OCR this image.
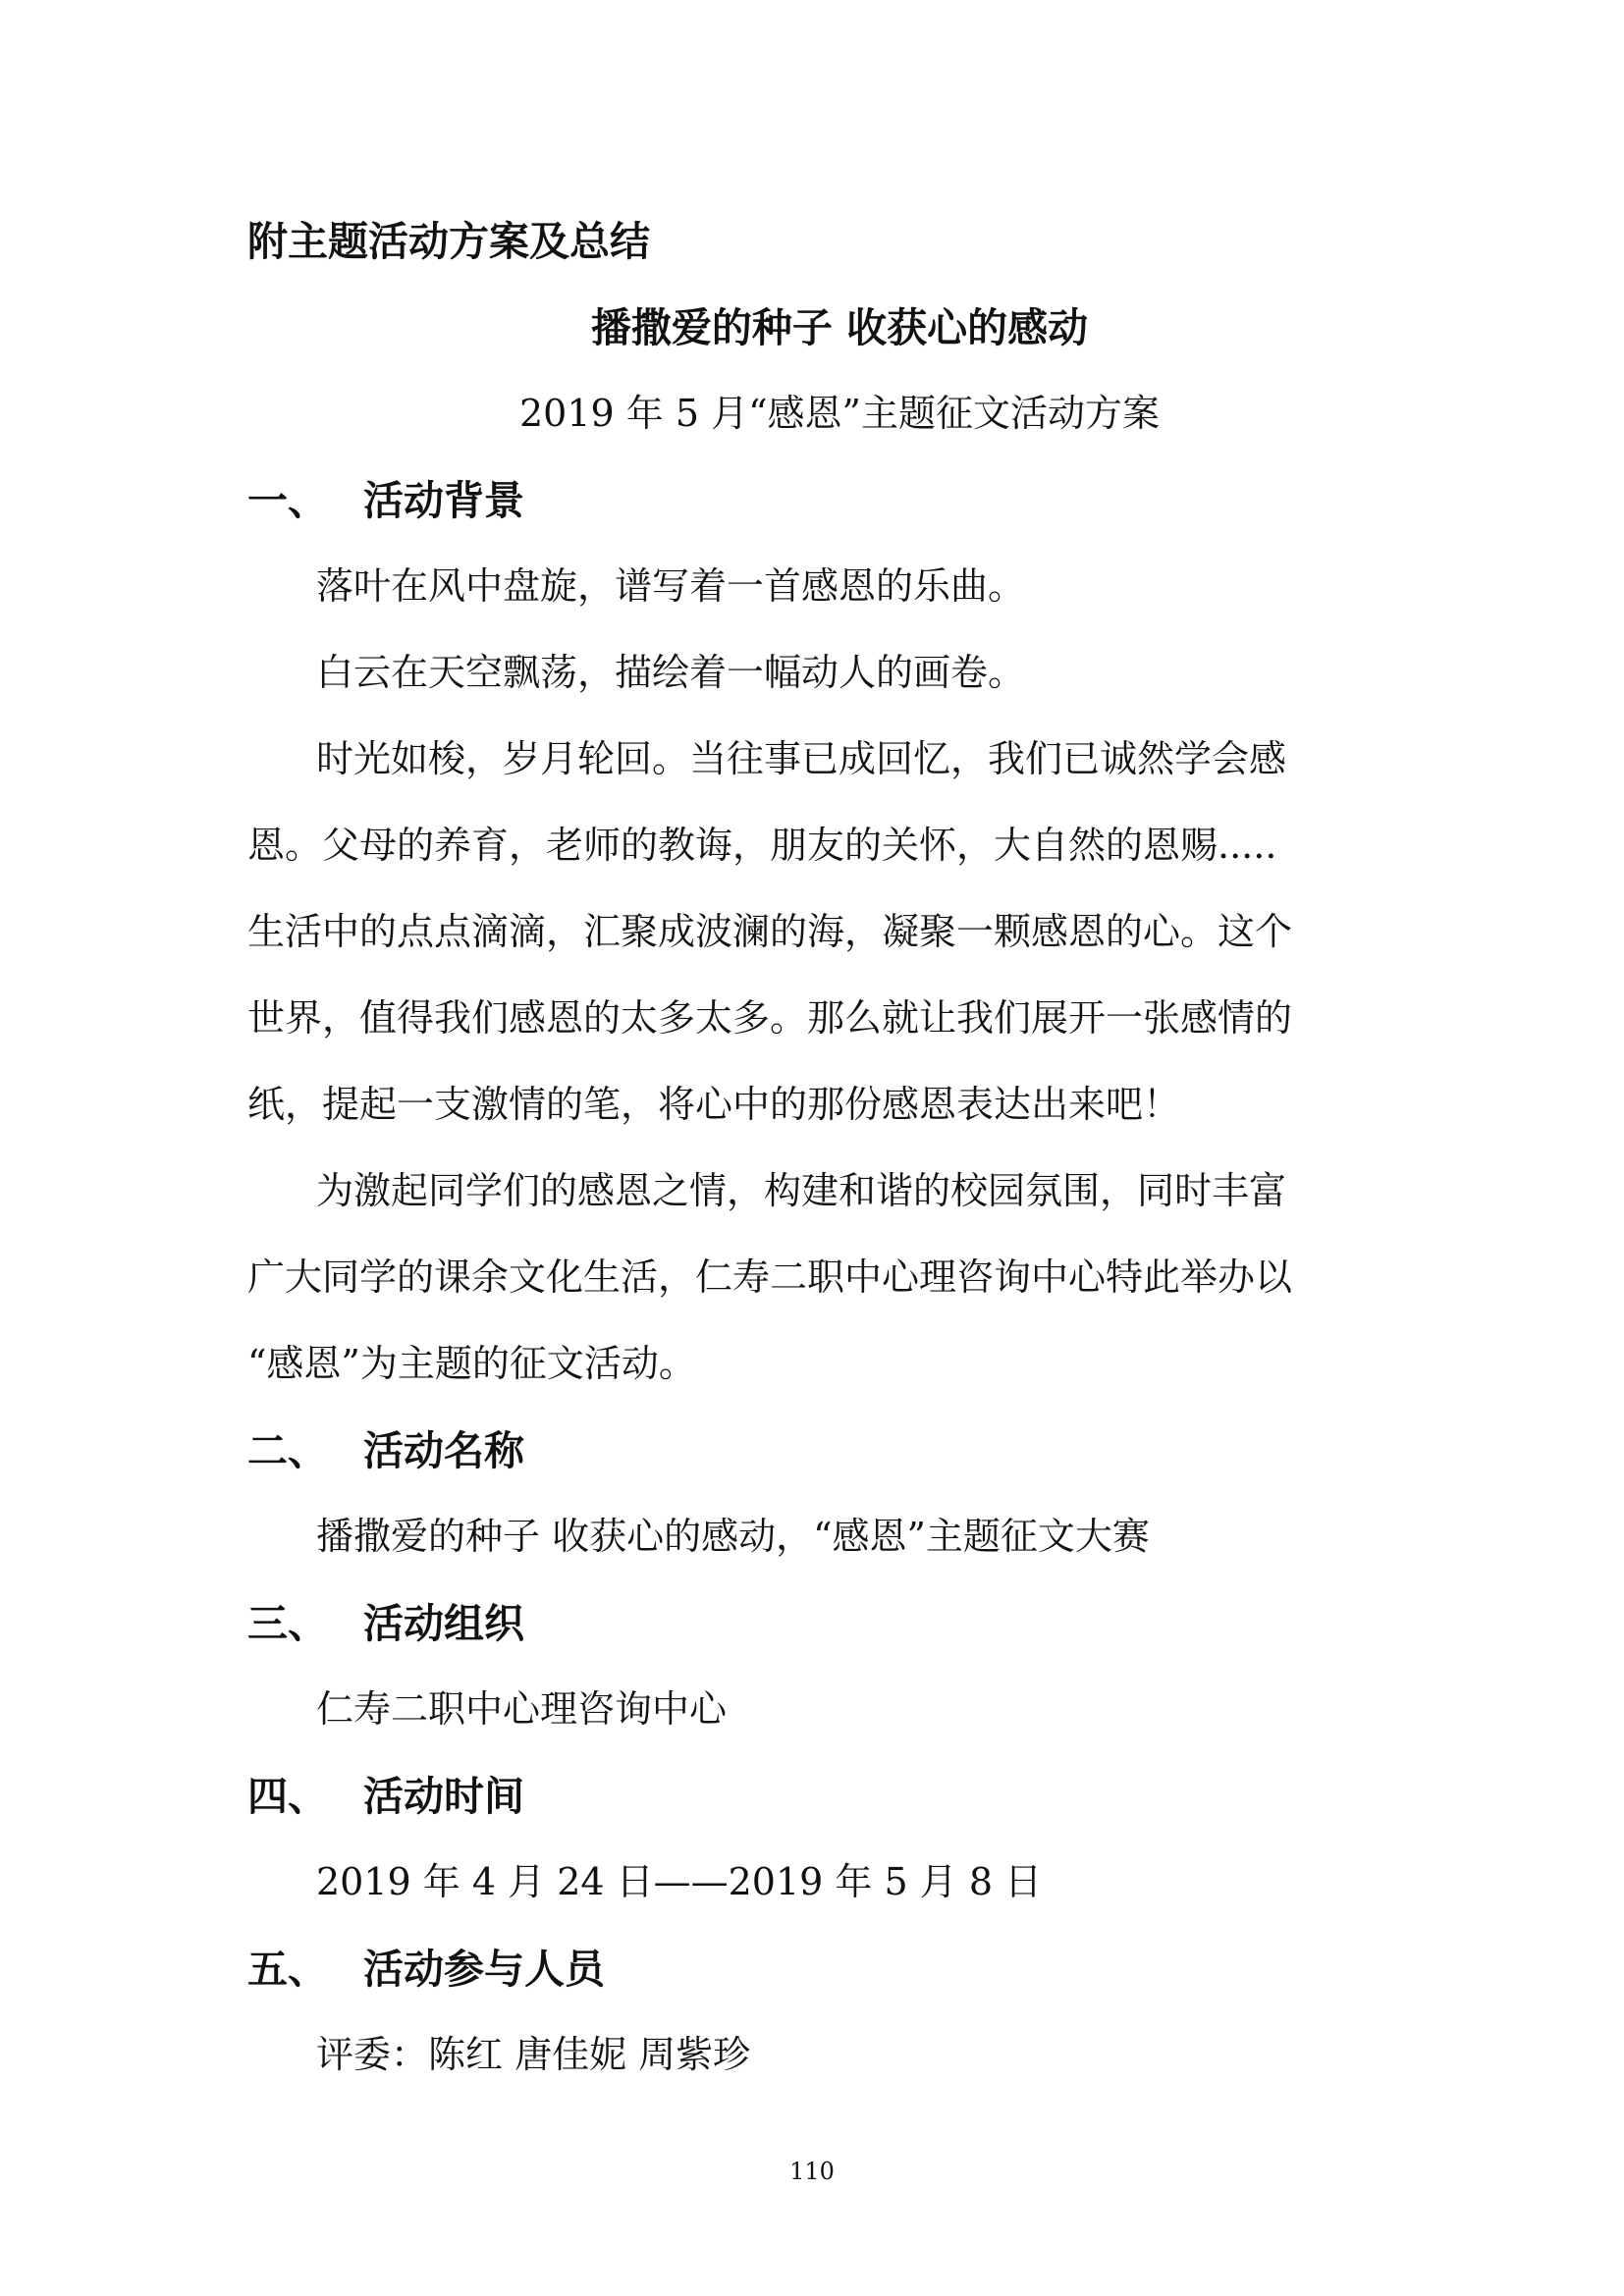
附主题活动方案及总结
播撒爱的种子 收获心的感动
2019 年 5 月“感恩”主题征文活动方案
一、 活动背景
落叶在风中盘旋，谱写着一首感恩的乐曲。
白云在天空飘荡，描绘着一幅动人的画卷。
时光如梭，岁月轮回。当往事已成回忆，我们已诚然学会感
恩。父母的养育，老师的教诲，朋友的关怀，大自然的恩赐.....
生活中的点点滴滴，汇聚成波澜的海，凝聚一颗感恩的心。这个
世界，值得我们感恩的太多太多。那么就让我们展开一张感情的
纸，提起一支激情的笔，将心中的那份感恩表达出来吧！
为激起同学们的感恩之情，构建和谐的校园氛围，同时丰富
广大同学的课余文化生活，仁寿二职中心理咨询中心特此举办以
“感恩”为主题的征文活动。
二、 活动名称
播撒爱的种子 收获心的感动，“感恩”主题征文大赛
三、 活动组织
仁寿二职中心理咨询中心
四、 活动时间
2019 年 4 月 24 日——2019 年 5 月 8 日
五、 活动参与人员
评委：陈红 唐佳妮 周紫珍
110
